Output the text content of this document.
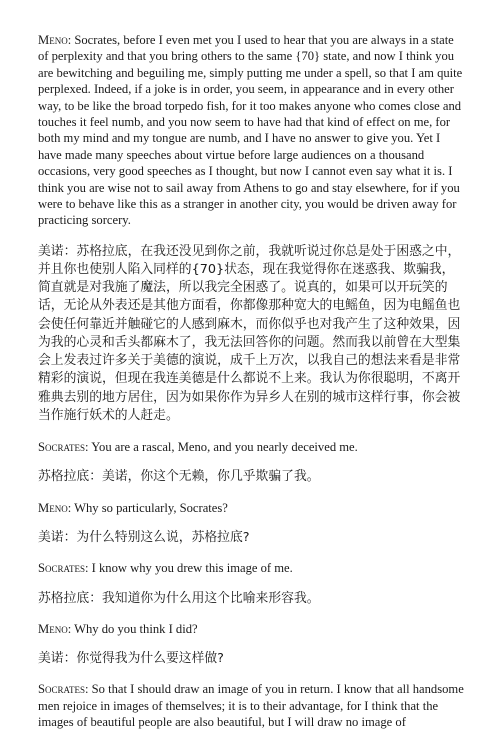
Meno: Socrates, before I even met you I used to hear that you are always in a state of perplexity and that you bring others to the same {70} state, and now I think you are bewitching and beguiling me, simply putting me under a spell, so that I am quite perplexed. Indeed, if a joke is in order, you seem, in appearance and in every other way, to be like the broad torpedo fish, for it too makes anyone who comes close and touches it feel numb, and you now seem to have had that kind of effect on me, for both my mind and my tongue are numb, and I have no answer to give you. Yet I have made many speeches about virtue before large audiences on a thousand occasions, very good speeches as I thought, but now I cannot even say what it is. I think you are wise not to sail away from Athens to go and stay elsewhere, for if you were to behave like this as a stranger in another city, you would be driven away for practicing sorcery.

美诺：苏格拉底，在我还没见到你之前，我就听说过你总是处于困惑之中，并且你也使别人陷入同样的{70}状态，现在我觉得你在迷惑我、欺骗我，简直就是对我施了魔法，所以我完全困惑了。说真的，如果可以开玩笑的话，无论从外表还是其他方面看，你都像那种宽大的电鳐鱼，因为电鳐鱼也会使任何靠近并触碰它的人感到麻木，而你似乎也对我产生了这种效果，因为我的心灵和舌头都麻木了，我无法回答你的问题。然而我以前曾在大型集会上发表过许多关于美德的演说，成千上万次，以我自己的想法来看是非常精彩的演说，但现在我连美德是什么都说不上来。我认为你很聪明，不离开雅典去别的地方居住，因为如果你作为异乡人在别的城市这样行事，你会被当作施行妖术的人赶走。

Socrates: You are a rascal, Meno, and you nearly deceived me.

苏格拉底：美诺，你这个无赖，你几乎欺骗了我。

Meno: Why so particularly, Socrates?

美诺：为什么特别这么说，苏格拉底?

Socrates: I know why you drew this image of me.

苏格拉底：我知道你为什么用这个比喻来形容我。

Meno: Why do you think I did?

美诺：你觉得我为什么要这样做?

Socrates: So that I should draw an image of you in return. I know that all handsome men rejoice in images of themselves; it is to their advantage, for I think that the images of beautiful people are also beautiful, but I will draw no image of
